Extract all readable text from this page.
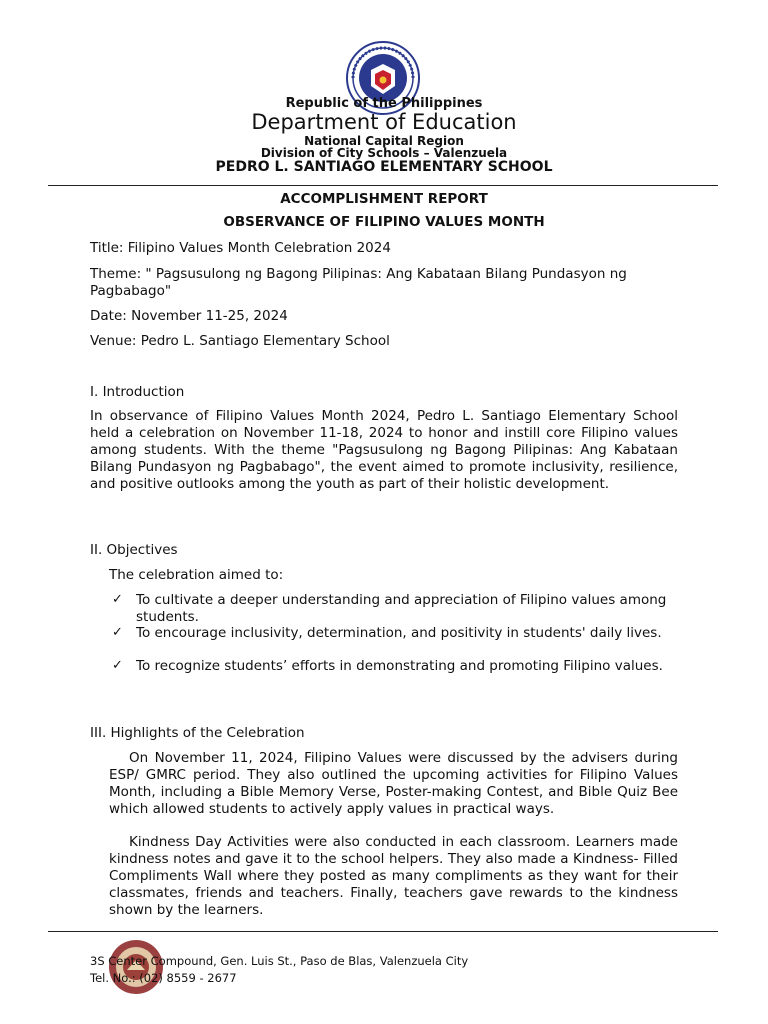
Republic of the Philippines
Department of Education
National Capital Region
Division of City Schools – Valenzuela
PEDRO L. SANTIAGO ELEMENTARY SCHOOL
ACCOMPLISHMENT REPORT
OBSERVANCE OF FILIPINO VALUES MONTH
Title: Filipino Values Month Celebration 2024
Theme: " Pagsusulong ng Bagong Pilipinas: Ang Kabataan Bilang Pundasyon ng Pagbabago"
Date: November 11-25, 2024
Venue: Pedro L. Santiago Elementary School
I. Introduction
In observance of Filipino Values Month 2024, Pedro L. Santiago Elementary School held a celebration on November 11-18, 2024 to honor and instill core Filipino values among students. With the theme "Pagsusulong ng Bagong Pilipinas: Ang Kabataan Bilang Pundasyon ng Pagbabago", the event aimed to promote inclusivity, resilience, and positive outlooks among the youth as part of their holistic development.
II. Objectives
The celebration aimed to:
✓ To cultivate a deeper understanding and appreciation of Filipino values among students.
✓ To encourage inclusivity, determination, and positivity in students' daily lives.
✓ To recognize students’ efforts in demonstrating and promoting Filipino values.
III. Highlights of the Celebration
On November 11, 2024, Filipino Values were discussed by the advisers during ESP/ GMRC period. They also outlined the upcoming activities for Filipino Values Month, including a Bible Memory Verse, Poster-making Contest, and Bible Quiz Bee which allowed students to actively apply values in practical ways.
Kindness Day Activities were also conducted in each classroom. Learners made kindness notes and gave it to the school helpers. They also made a Kindness- Filled Compliments Wall where they posted as many compliments as they want for their classmates, friends and teachers. Finally, teachers gave rewards to the kindness shown by the learners.
3S Center Compound, Gen. Luis St., Paso de Blas, Valenzuela City
Tel. No.: (02) 8559 - 2677
